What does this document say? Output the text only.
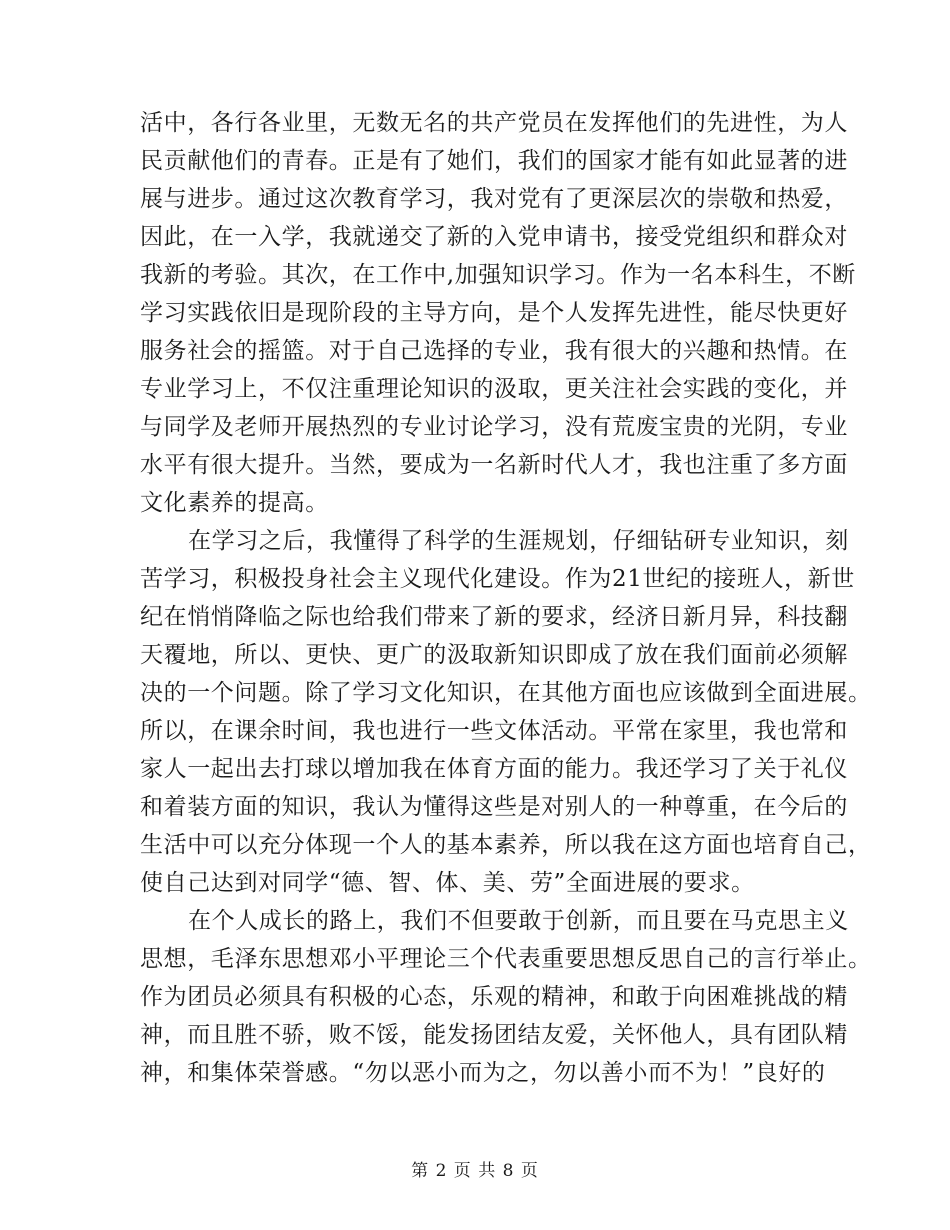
活中，各行各业里，无数无名的共产党员在发挥他们的先进性，为人
民贡献他们的青春。正是有了她们，我们的国家才能有如此显著的进
展与进步。通过这次教育学习，我对党有了更深层次的崇敬和热爱，
因此，在一入学，我就递交了新的入党申请书，接受党组织和群众对
我新的考验。其次，在工作中,加强知识学习。作为一名本科生，不断
学习实践依旧是现阶段的主导方向，是个人发挥先进性，能尽快更好
服务社会的摇篮。对于自己选择的专业，我有很大的兴趣和热情。在
专业学习上，不仅注重理论知识的汲取，更关注社会实践的变化，并
与同学及老师开展热烈的专业讨论学习，没有荒废宝贵的光阴，专业
水平有很大提升。当然，要成为一名新时代人才，我也注重了多方面
文化素养的提高。
在学习之后，我懂得了科学的生涯规划，仔细钻研专业知识，刻
苦学习，积极投身社会主义现代化建设。作为21世纪的接班人，新世
纪在悄悄降临之际也给我们带来了新的要求，经济日新月异，科技翻
天覆地，所以、更快、更广的汲取新知识即成了放在我们面前必须解
决的一个问题。除了学习文化知识，在其他方面也应该做到全面进展。
所以，在课余时间，我也进行一些文体活动。平常在家里，我也常和
家人一起出去打球以增加我在体育方面的能力。我还学习了关于礼仪
和着装方面的知识，我认为懂得这些是对别人的一种尊重，在今后的
生活中可以充分体现一个人的基本素养，所以我在这方面也培育自己，
使自己达到对同学“德、智、体、美、劳”全面进展的要求。
在个人成长的路上，我们不但要敢于创新，而且要在马克思主义
思想，毛泽东思想邓小平理论三个代表重要思想反思自己的言行举止。
作为团员必须具有积极的心态，乐观的精神，和敢于向困难挑战的精
神，而且胜不骄，败不馁，能发扬团结友爱，关怀他人，具有团队精
神，和集体荣誉感。“勿以恶小而为之，勿以善小而不为！”良好的
第 2 页 共 8 页
